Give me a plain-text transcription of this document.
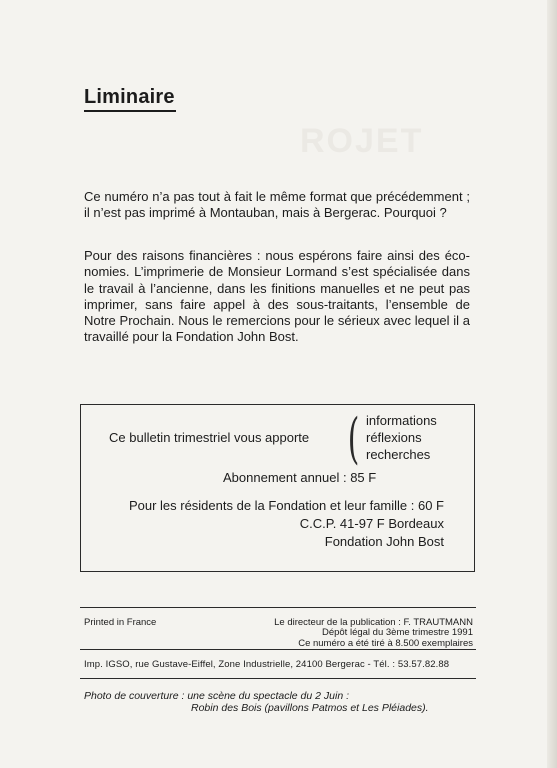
ROJET
Liminaire

Ce numéro n’a pas tout à fait le même format que précédemment ; il n’est pas imprimé à Montauban, mais à Bergerac. Pourquoi ?

Pour des raisons financières : nous espérons faire ainsi des économies. L’imprimerie de Monsieur Lormand s’est spécialisée dans le travail à l’ancienne, dans les finitions manuelles et ne peut pas imprimer, sans faire appel à des sous-traitants, l’ensemble de Notre Prochain. Nous le remercions pour le sérieux avec lequel il a travaillé pour la Fondation John Bost.

Ce bulletin trimestriel vous apporte ( informations
réflexions
recherches
Abonnement annuel : 85 F
Pour les résidents de la Fondation et leur famille : 60 F
C.C.P. 41-97 F Bordeaux
Fondation John Bost
Printed in France	Le directeur de la publication : F. TRAUTMANN
Dépôt légal du 3ème trimestre 1991
Ce numéro a été tiré à 8.500 exemplaires
Imp. IGSO, rue Gustave-Eiffel, Zone Industrielle, 24100 Bergerac - Tél. : 53.57.82.88
Photo de couverture : une scène du spectacle du 2 Juin :
Robin des Bois (pavillons Patmos et Les Pléiades).
